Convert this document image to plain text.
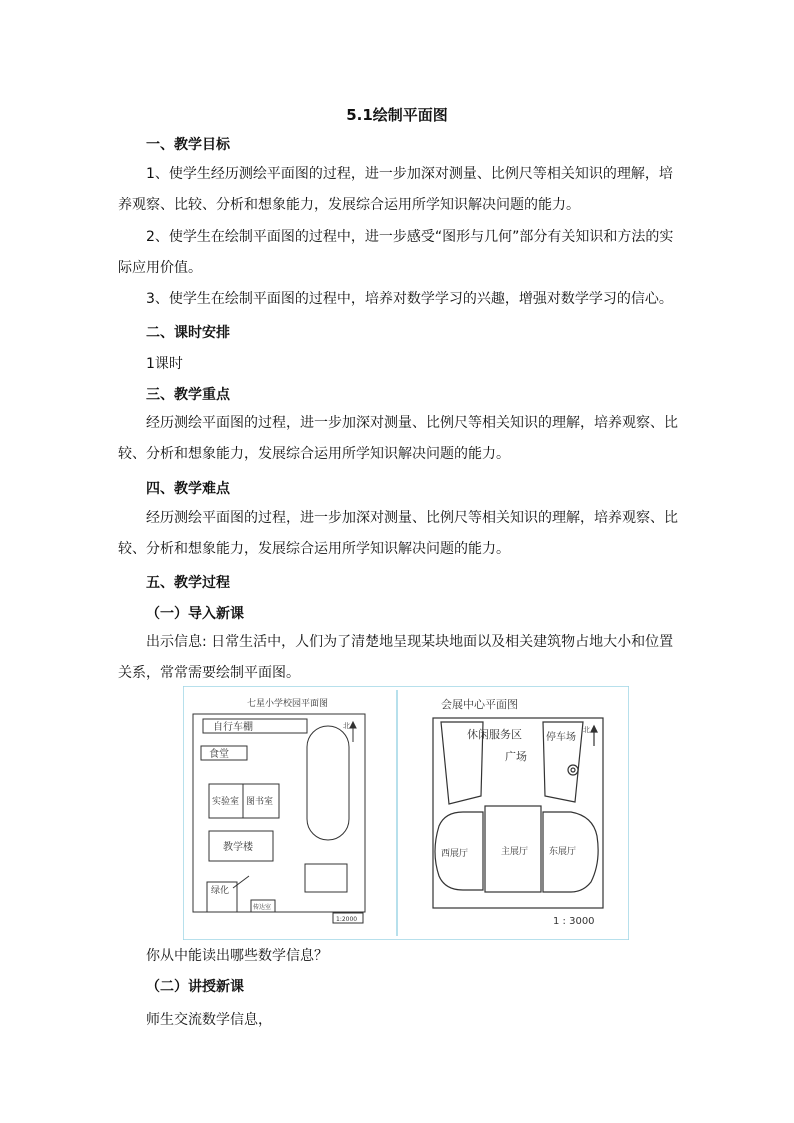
5.1绘制平面图
一、教学目标
1、使学生经历测绘平面图的过程，进一步加深对测量、比例尺等相关知识的理解，培养观察、比较、分析和想象能力，发展综合运用所学知识解决问题的能力。
2、使学生在绘制平面图的过程中，进一步感受“图形与几何”部分有关知识和方法的实际应用价值。
3、使学生在绘制平面图的过程中，培养对数学学习的兴趣，增强对数学学习的信心。
二、课时安排
1课时
三、教学重点
经历测绘平面图的过程，进一步加深对测量、比例尺等相关知识的理解，培养观察、比较、分析和想象能力，发展综合运用所学知识解决问题的能力。
四、教学难点
经历测绘平面图的过程，进一步加深对测量、比例尺等相关知识的理解，培养观察、比较、分析和想象能力，发展综合运用所学知识解决问题的能力。
五、教学过程
（一）导入新课
出示信息: 日常生活中，人们为了清楚地呈现某块地面以及相关建筑物占地大小和位置关系，常常需要绘制平面图。
七星小学校园平面图
自行车棚
食堂
实验室 图书室
教学楼
绿化
传达室
1:2000
北
会展中心平面图
休闲服务区
广场
停车场
西展厅	主展厅 东展厅
北
1 : 3000
你从中能读出哪些数学信息？
（二）讲授新课
师生交流数学信息，
